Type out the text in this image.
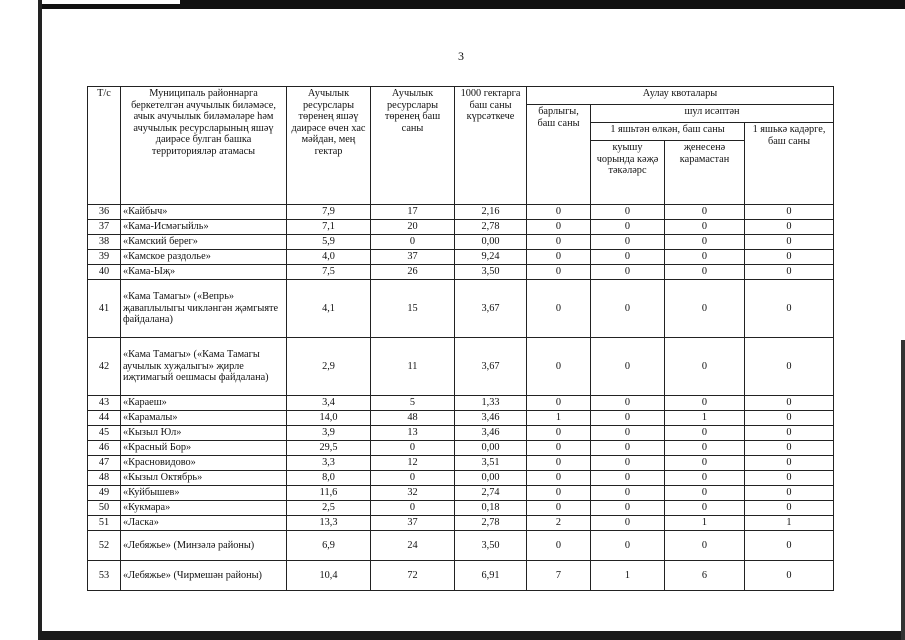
3
Т/с	Муниципаль районнарга беркетелгән ачучылык биләмәсе, ачык ачучылык биләмәләре һәм ачучылык ресурсларының яшәү даирәсе булган башка территорияләр атамасы	Аучылык ресурслары төренең яшәү даирәсе өчен хас мәйдан, мең гектар	Аучылык ресурслары төренең баш саны	1000 гектарга баш саны күрсәткече	Аулау квоталары			
					барлыгы, баш саны	шул исәптән		
						1 яшьтән өлкән, баш саны		1 яшькә кадәрге, баш саны
						куышу чорында кәҗә тәкәләрс	җенесенә карамастан	
36	«Кайбыч»	7,9	17	2,16	0	0	0	0
37	«Кама-Исмәгыйль»	7,1	20	2,78	0	0	0	0
38	«Камский берег»	5,9	0	0,00	0	0	0	0
39	«Камское раздолье»	4,0	37	9,24	0	0	0	0
40	«Кама-Ыҗ»	7,5	26	3,50	0	0	0	0
41	«Кама Тамагы» («Вепрь» җаваплылыгы чикләнгән җәмгыяте файдалана)	4,1	15	3,67	0	0	0	0
42	«Кама Тамагы» («Кама Тамагы аучылык хуҗалыгы» җирле иҗтимагый оешмасы файдалана)	2,9	11	3,67	0	0	0	0
43	«Караеш»	3,4	5	1,33	0	0	0	0
44	«Карамалы»	14,0	48	3,46	1	0	1	0
45	«Кызыл Юл»	3,9	13	3,46	0	0	0	0
46	«Красный Бор»	29,5	0	0,00	0	0	0	0
47	«Красновидово»	3,3	12	3,51	0	0	0	0
48	«Кызыл Октябрь»	8,0	0	0,00	0	0	0	0
49	«Куйбышев»	11,6	32	2,74	0	0	0	0
50	«Кукмара»	2,5	0	0,18	0	0	0	0
51	«Ласка»	13,3	37	2,78	2	0	1	1
52	«Лебяжье» (Минзәлә районы)	6,9	24	3,50	0	0	0	0
53	«Лебяжье» (Чирмешән районы)	10,4	72	6,91	7	1	6	0
